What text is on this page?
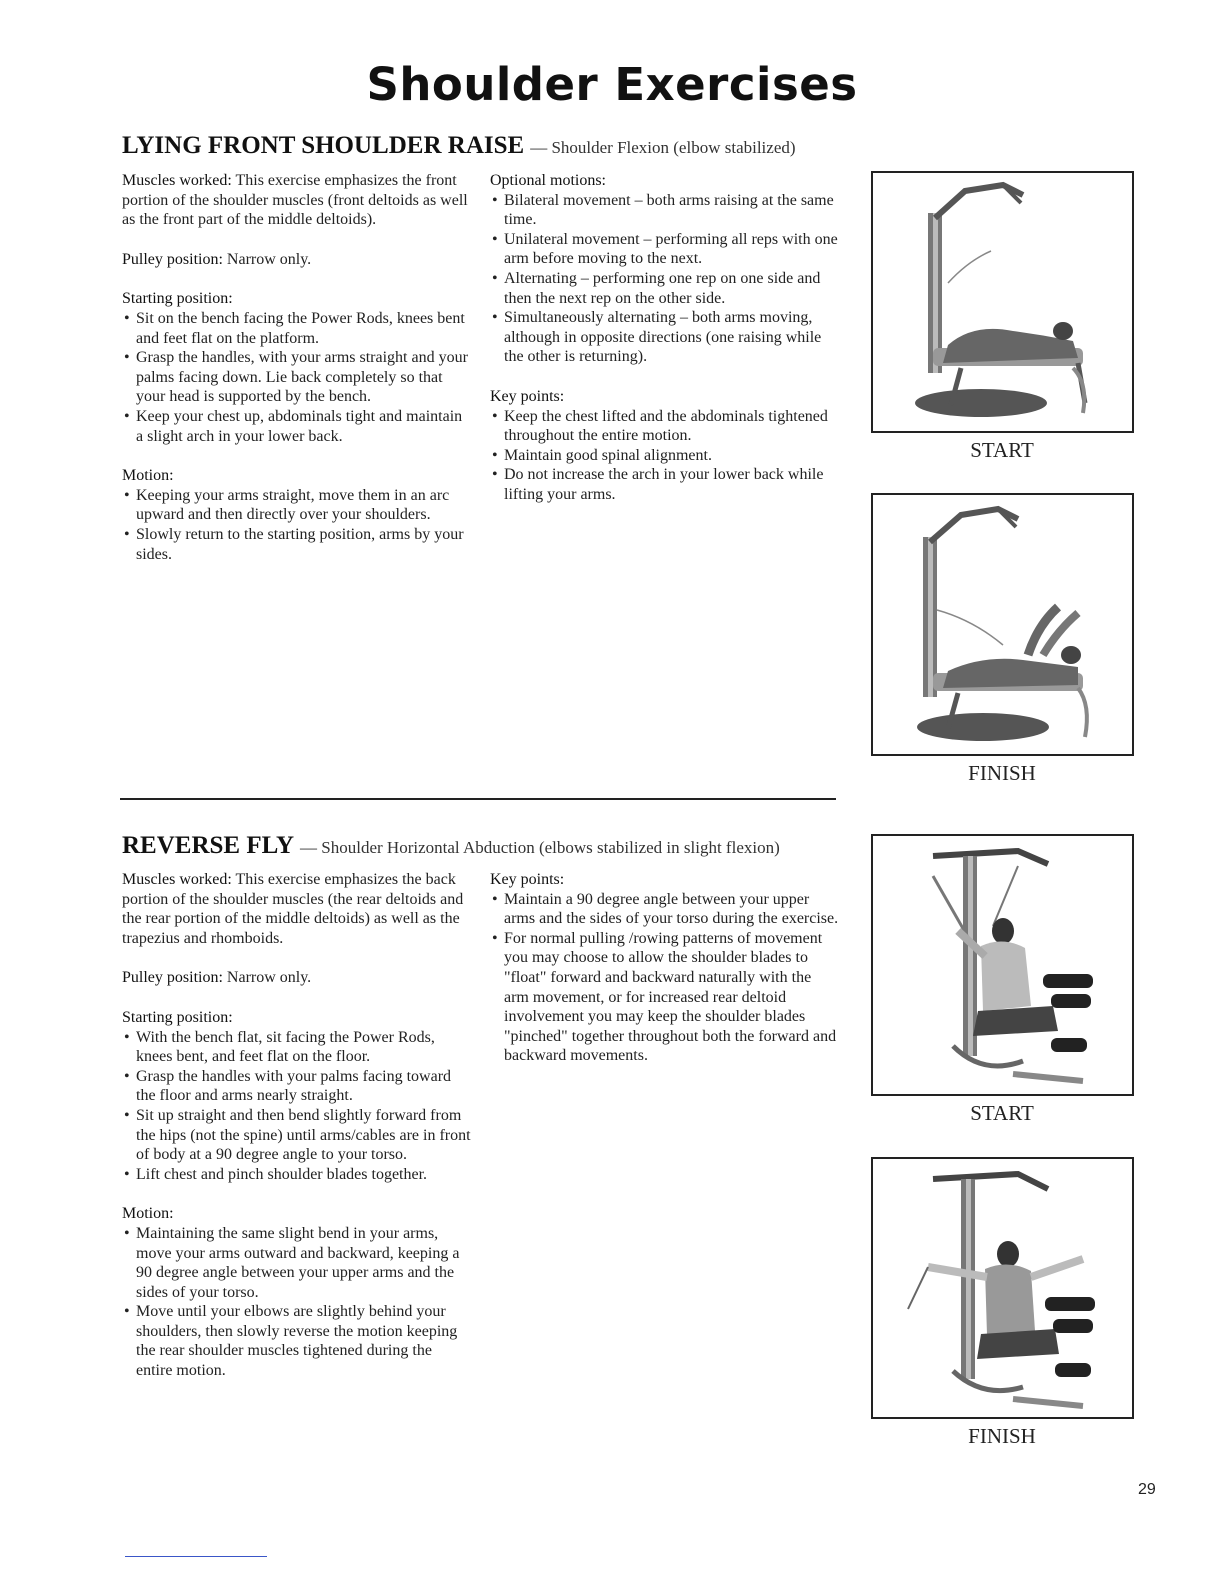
Shoulder Exercises
LYING FRONT SHOULDER RAISE — Shoulder Flexion (elbow stabilized)

Muscles worked: This exercise emphasizes the front portion of the shoulder muscles (front deltoids as well as the front part of the middle deltoids).

Pulley position: Narrow only.

Starting position:
• Sit on the bench facing the Power Rods, knees bent and feet flat on the platform.
• Grasp the handles, with your arms straight and your palms facing down. Lie back completely so that your head is supported by the bench.
• Keep your chest up, abdominals tight and maintain a slight arch in your lower back.
Motion:
• Keeping your arms straight, move them in an arc upward and then directly over your shoulders.
• Slowly return to the starting position, arms by your sides.
Optional motions:
• Bilateral movement – both arms raising at the same time.
• Unilateral movement – performing all reps with one arm before moving to the next.
• Alternating – performing one rep on one side and then the next rep on the other side.
• Simultaneously alternating – both arms moving, although in opposite directions (one raising while the other is returning).
Key points:
• Keep the chest lifted and the abdominals tightened throughout the entire motion.
• Maintain good spinal alignment.
• Do not increase the arch in your lower back while lifting your arms.
START
FINISH
REVERSE FLY — Shoulder Horizontal Abduction (elbows stabilized in slight flexion)

Muscles worked: This exercise emphasizes the back portion of the shoulder muscles (the rear deltoids and the rear portion of the middle deltoids) as well as the trapezius and rhomboids.

Pulley position: Narrow only.

Starting position:
• With the bench flat, sit facing the Power Rods, knees bent, and feet flat on the floor.
• Grasp the handles with your palms facing toward the floor and arms nearly straight.
• Sit up straight and then bend slightly forward from the hips (not the spine) until arms/cables are in front of body at a 90 degree angle to your torso.
• Lift chest and pinch shoulder blades together.
Motion:
• Maintaining the same slight bend in your arms, move your arms outward and backward, keeping a 90 degree angle between your upper arms and the sides of your torso.
• Move until your elbows are slightly behind your shoulders, then slowly reverse the motion keeping the rear shoulder muscles tightened during the entire motion.
Key points:
• Maintain a 90 degree angle between your upper arms and the sides of your torso during the exercise.
• For normal pulling /rowing patterns of movement you may choose to allow the shoulder blades to "float" forward and backward naturally with the arm movement, or for increased rear deltoid involvement you may keep the shoulder blades "pinched" together throughout both the forward and backward movements.
START
FINISH
29
